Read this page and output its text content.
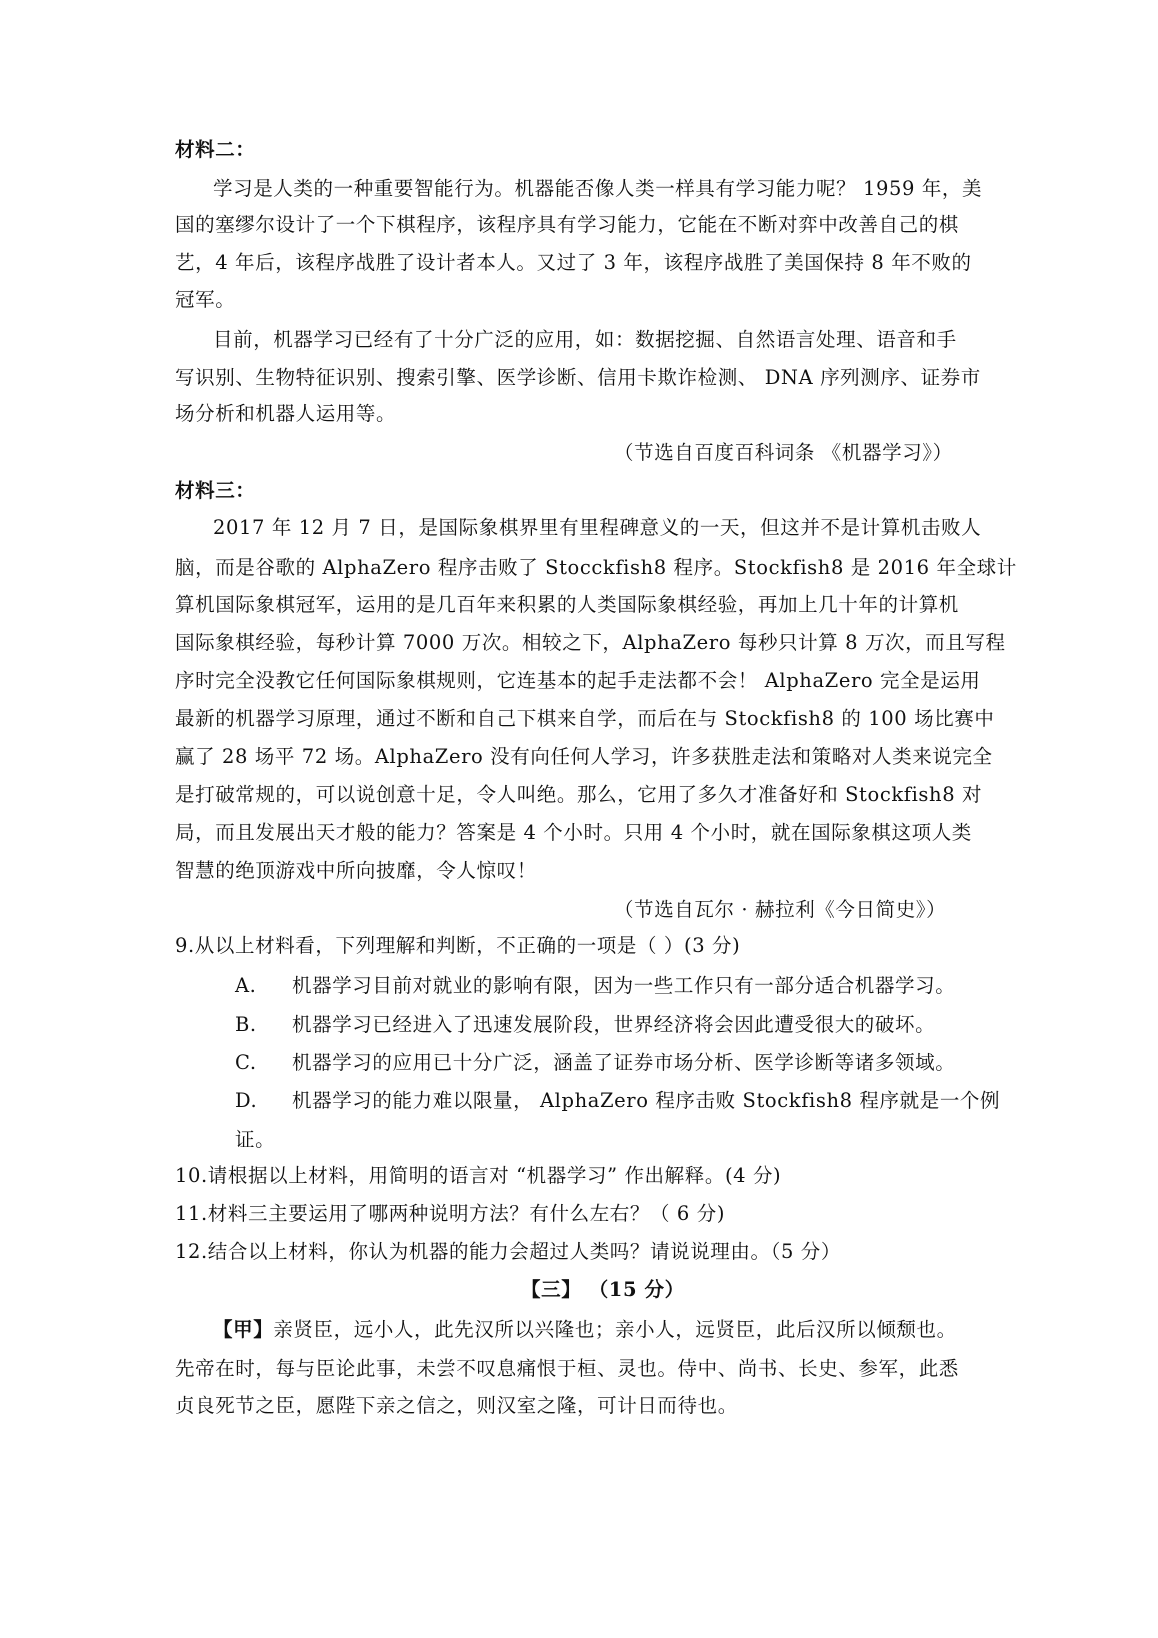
材料二：
学习是人类的一种重要智能行为。机器能否像人类一样具有学习能力呢？ 1959 年，美
国的塞缪尔设计了一个下棋程序，该程序具有学习能力，它能在不断对弈中改善自己的棋
艺，4 年后，该程序战胜了设计者本人。又过了 3 年，该程序战胜了美国保持 8 年不败的
冠军。
目前，机器学习已经有了十分广泛的应用，如：数据挖掘、自然语言处理、语音和手
写识别、生物特征识别、搜索引擎、医学诊断、信用卡欺诈检测、 DNA 序列测序、证券市
场分析和机器人运用等。
（节选自百度百科词条 《机器学习》）
材料三：
2017 年 12 月 7 日，是国际象棋界里有里程碑意义的一天，但这并不是计算机击败人
脑，而是谷歌的 AlphaZero 程序击败了 Stocckfish8 程序。Stockfish8 是 2016 年全球计
算机国际象棋冠军，运用的是几百年来积累的人类国际象棋经验，再加上几十年的计算机
国际象棋经验，每秒计算 7000 万次。相较之下，AlphaZero 每秒只计算 8 万次，而且写程
序时完全没教它任何国际象棋规则，它连基本的起手走法都不会！ AlphaZero 完全是运用
最新的机器学习原理，通过不断和自己下棋来自学，而后在与 Stockfish8 的 100 场比赛中
赢了 28 场平 72 场。AlphaZero 没有向任何人学习，许多获胜走法和策略对人类来说完全
是打破常规的，可以说创意十足，令人叫绝。那么，它用了多久才准备好和 Stockfish8 对
局，而且发展出天才般的能力？答案是 4 个小时。只用 4 个小时，就在国际象棋这项人类
智慧的绝顶游戏中所向披靡，令人惊叹！
（节选自瓦尔 · 赫拉利《今日简史》）
9.从以上材料看，下列理解和判断，不正确的一项是（ ）(3 分)
A. 机器学习目前对就业的影响有限，因为一些工作只有一部分适合机器学习。
B. 机器学习已经进入了迅速发展阶段，世界经济将会因此遭受很大的破坏。
C. 机器学习的应用已十分广泛，涵盖了证券市场分析、医学诊断等诸多领域。
D. 机器学习的能力难以限量， AlphaZero 程序击败 Stockfish8 程序就是一个例
证。
10.请根据以上材料，用简明的语言对 “机器学习” 作出解释。(4 分)
11.材料三主要运用了哪两种说明方法？有什么左右？（ 6 分)
12.结合以上材料，你认为机器的能力会超过人类吗？请说说理由。（5 分）
【三】 （15 分）
【甲】亲贤臣，远小人，此先汉所以兴隆也；亲小人，远贤臣，此后汉所以倾颓也。
先帝在时，每与臣论此事，未尝不叹息痛恨于桓、灵也。侍中、尚书、长史、参军，此悉
贞良死节之臣，愿陛下亲之信之，则汉室之隆，可计日而待也。
